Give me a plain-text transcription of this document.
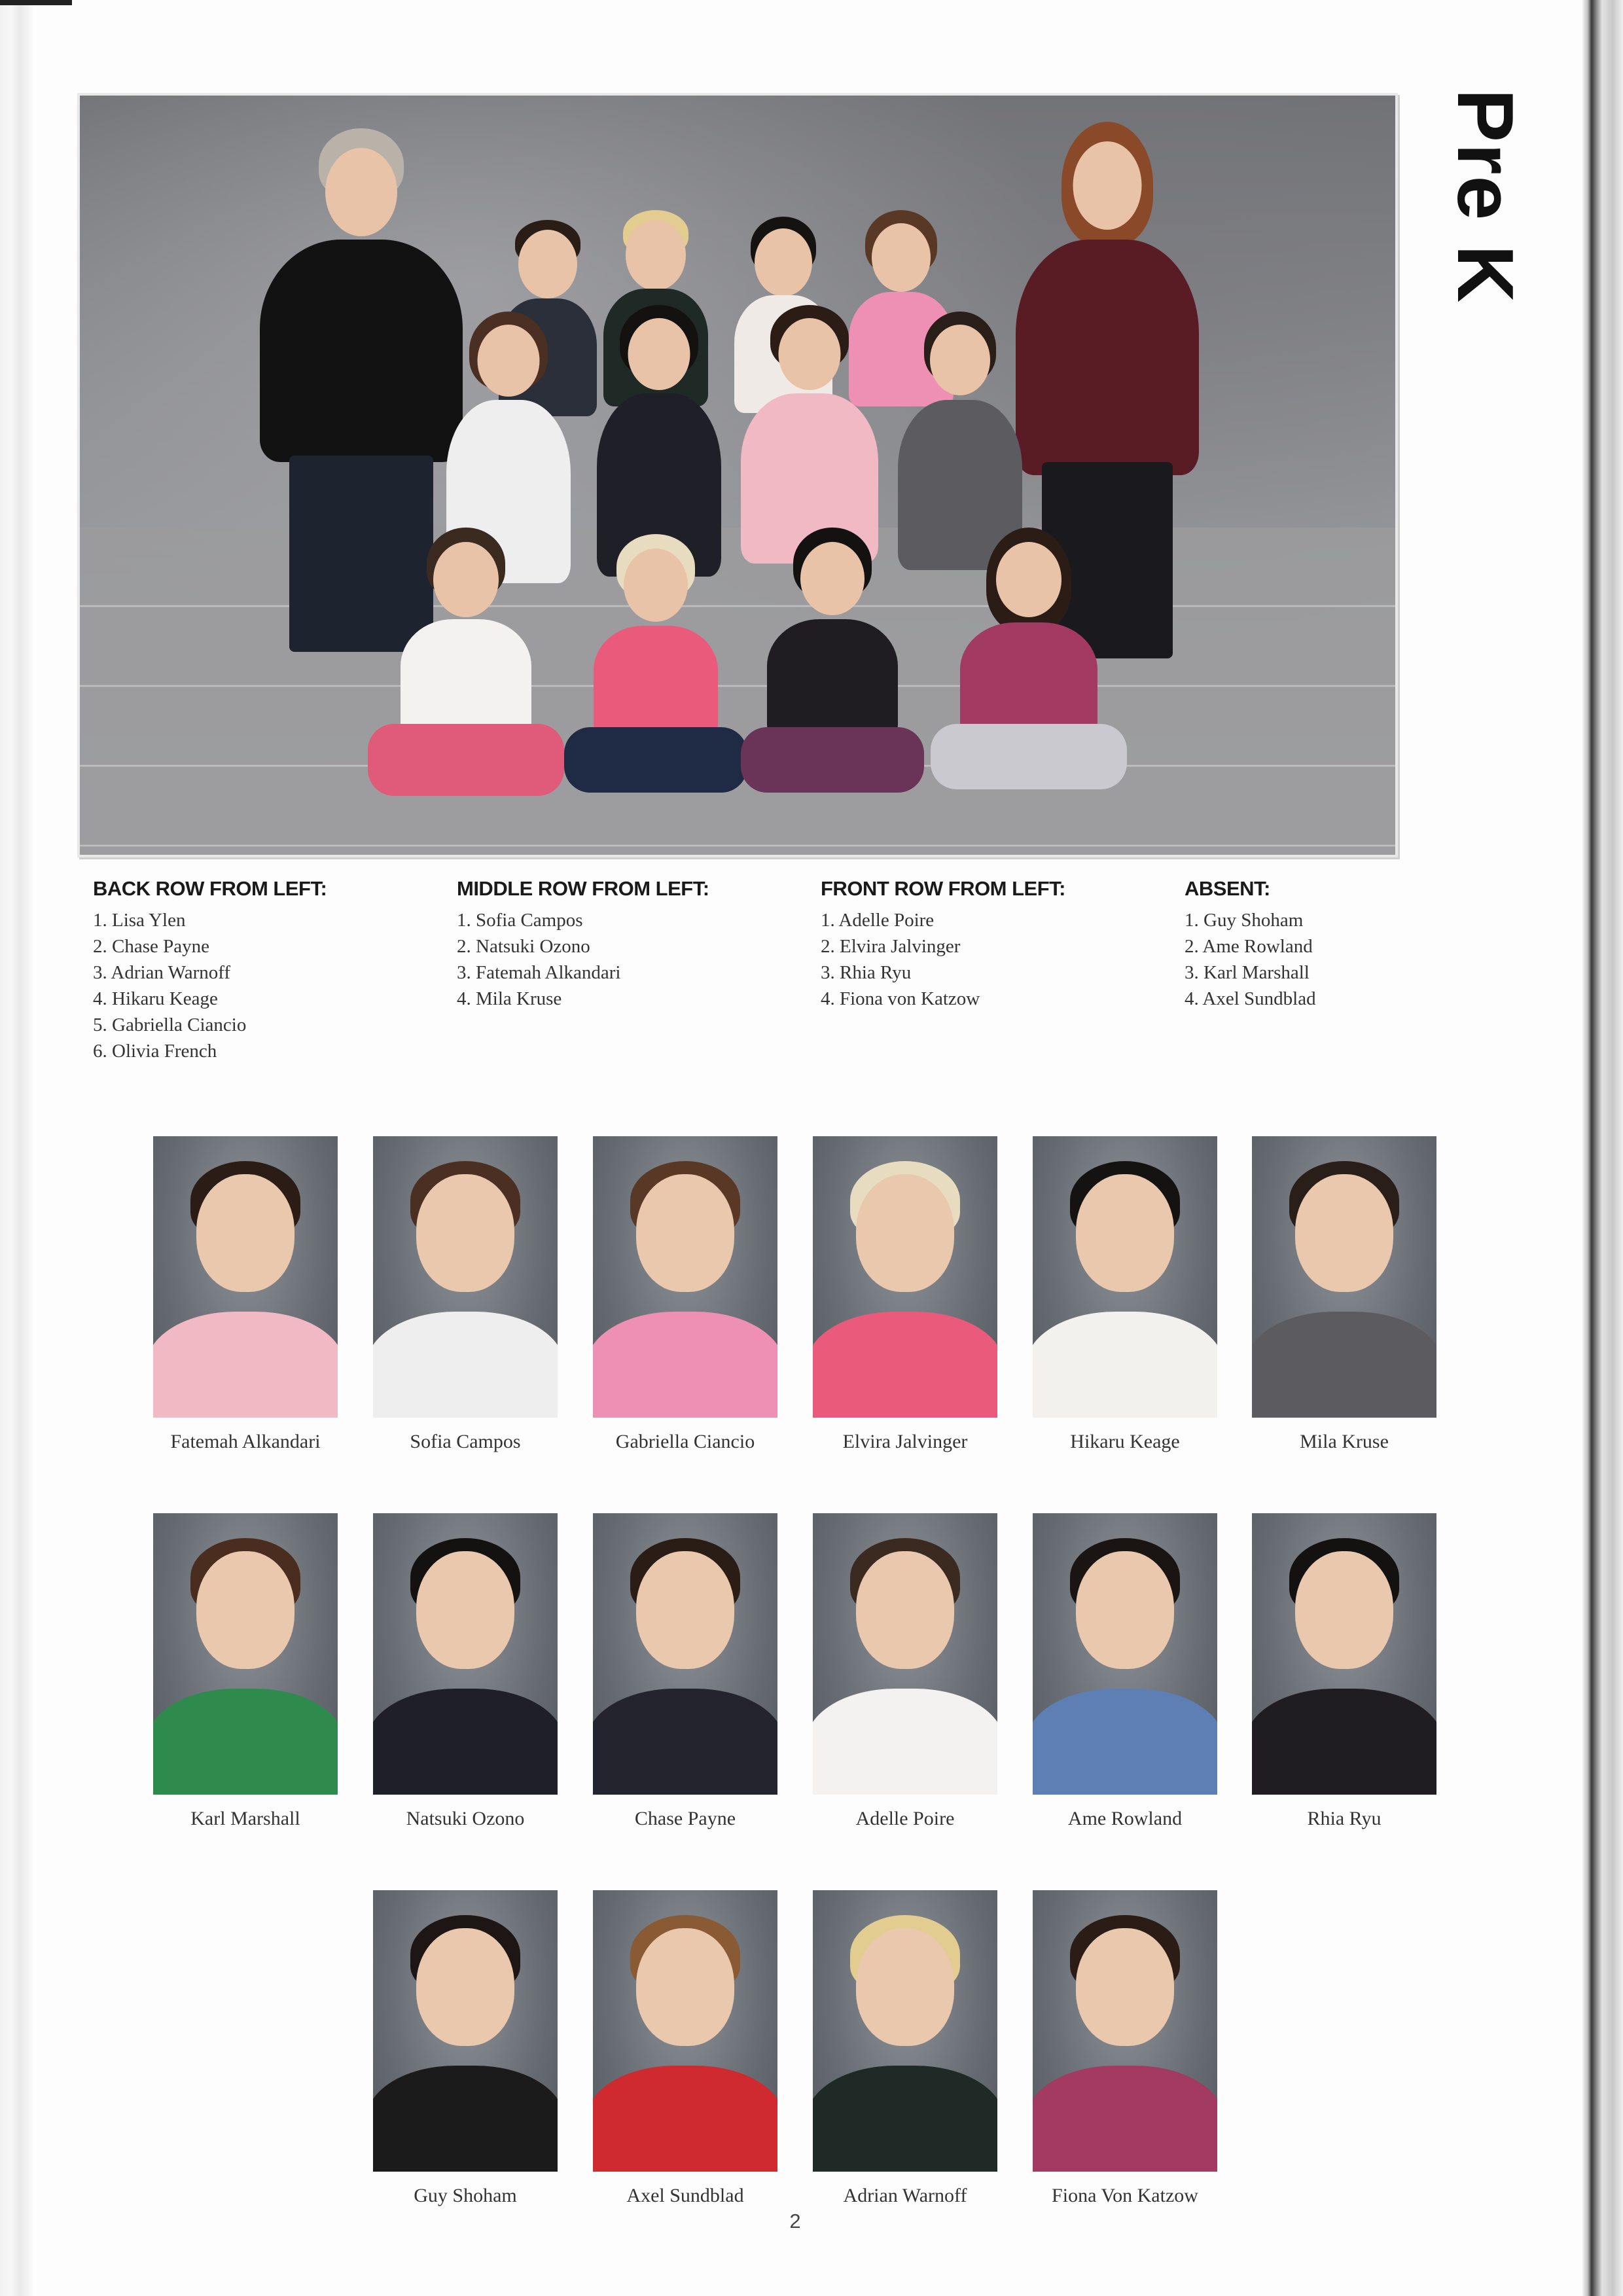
Pre K
BACK ROW FROM LEFT:
1. Lisa Ylen
2. Chase Payne
3. Adrian Warnoff
4. Hikaru Keage
5. Gabriella Ciancio
6. Olivia French
MIDDLE ROW FROM LEFT:
1. Sofia Campos
2. Natsuki Ozono
3. Fatemah Alkandari
4. Mila Kruse
FRONT ROW FROM LEFT:
1. Adelle Poire
2. Elvira Jalvinger
3. Rhia Ryu
4. Fiona von Katzow
ABSENT:
1. Guy Shoham
2. Ame Rowland
3. Karl Marshall
4. Axel Sundblad
Fatemah Alkandari	Sofia Campos	Gabriella Ciancio	Elvira Jalvinger	Hikaru Keage	Mila Kruse
Karl Marshall	Natsuki Ozono	Chase Payne	Adelle Poire	Ame Rowland	Rhia Ryu
Guy Shoham	Axel Sundblad	Adrian Warnoff	Fiona Von Katzow
2
